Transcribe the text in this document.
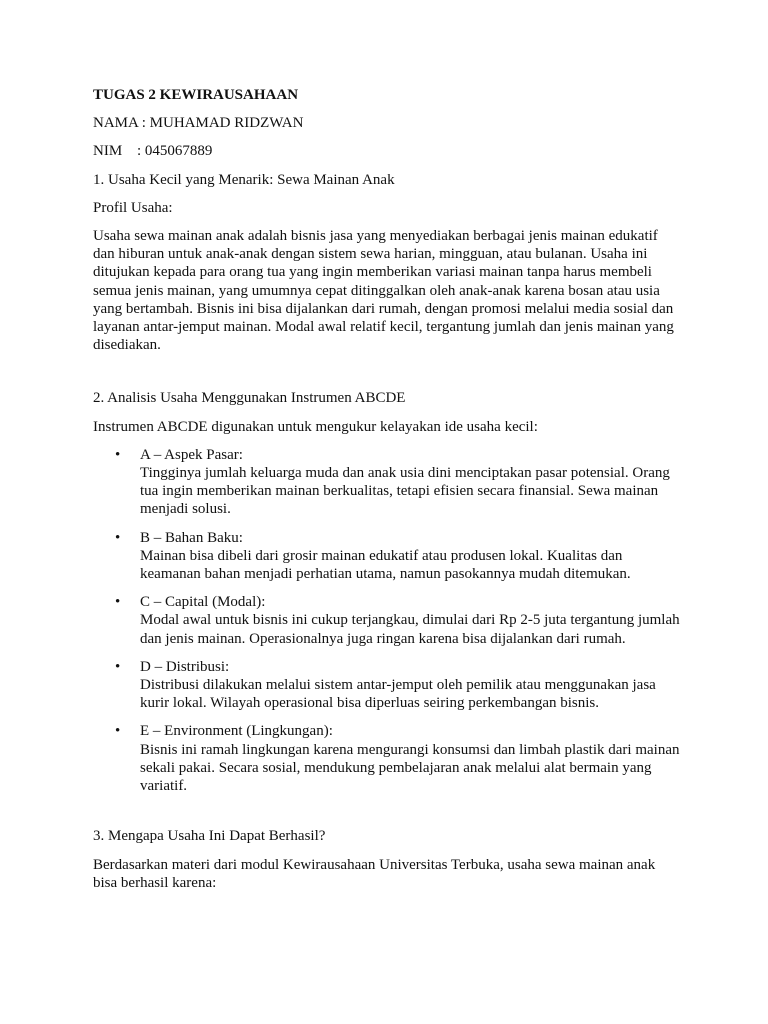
TUGAS 2 KEWIRAUSAHAAN
NAMA : MUHAMAD RIDZWAN
NIM : 045067889
1. Usaha Kecil yang Menarik: Sewa Mainan Anak
Profil Usaha:

Usaha sewa mainan anak adalah bisnis jasa yang menyediakan berbagai jenis mainan edukatif dan hiburan untuk anak-anak dengan sistem sewa harian, mingguan, atau bulanan. Usaha ini ditujukan kepada para orang tua yang ingin memberikan variasi mainan tanpa harus membeli semua jenis mainan, yang umumnya cepat ditinggalkan oleh anak-anak karena bosan atau usia yang bertambah. Bisnis ini bisa dijalankan dari rumah, dengan promosi melalui media sosial dan layanan antar-jemput mainan. Modal awal relatif kecil, tergantung jumlah dan jenis mainan yang disediakan.

2. Analisis Usaha Menggunakan Instrumen ABCDE
Instrumen ABCDE digunakan untuk mengukur kelayakan ide usaha kecil:
• A – Aspek Pasar:
Tingginya jumlah keluarga muda dan anak usia dini menciptakan pasar potensial. Orang tua ingin memberikan mainan berkualitas, tetapi efisien secara finansial. Sewa mainan menjadi solusi.
• B – Bahan Baku:
Mainan bisa dibeli dari grosir mainan edukatif atau produsen lokal. Kualitas dan keamanan bahan menjadi perhatian utama, namun pasokannya mudah ditemukan.
• C – Capital (Modal):
Modal awal untuk bisnis ini cukup terjangkau, dimulai dari Rp 2-5 juta tergantung jumlah dan jenis mainan. Operasionalnya juga ringan karena bisa dijalankan dari rumah.
• D – Distribusi:
Distribusi dilakukan melalui sistem antar-jemput oleh pemilik atau menggunakan jasa kurir lokal. Wilayah operasional bisa diperluas seiring perkembangan bisnis.
• E – Environment (Lingkungan):
Bisnis ini ramah lingkungan karena mengurangi konsumsi dan limbah plastik dari mainan sekali pakai. Secara sosial, mendukung pembelajaran anak melalui alat bermain yang variatif.
3. Mengapa Usaha Ini Dapat Berhasil?

Berdasarkan materi dari modul Kewirausahaan Universitas Terbuka, usaha sewa mainan anak bisa berhasil karena:
